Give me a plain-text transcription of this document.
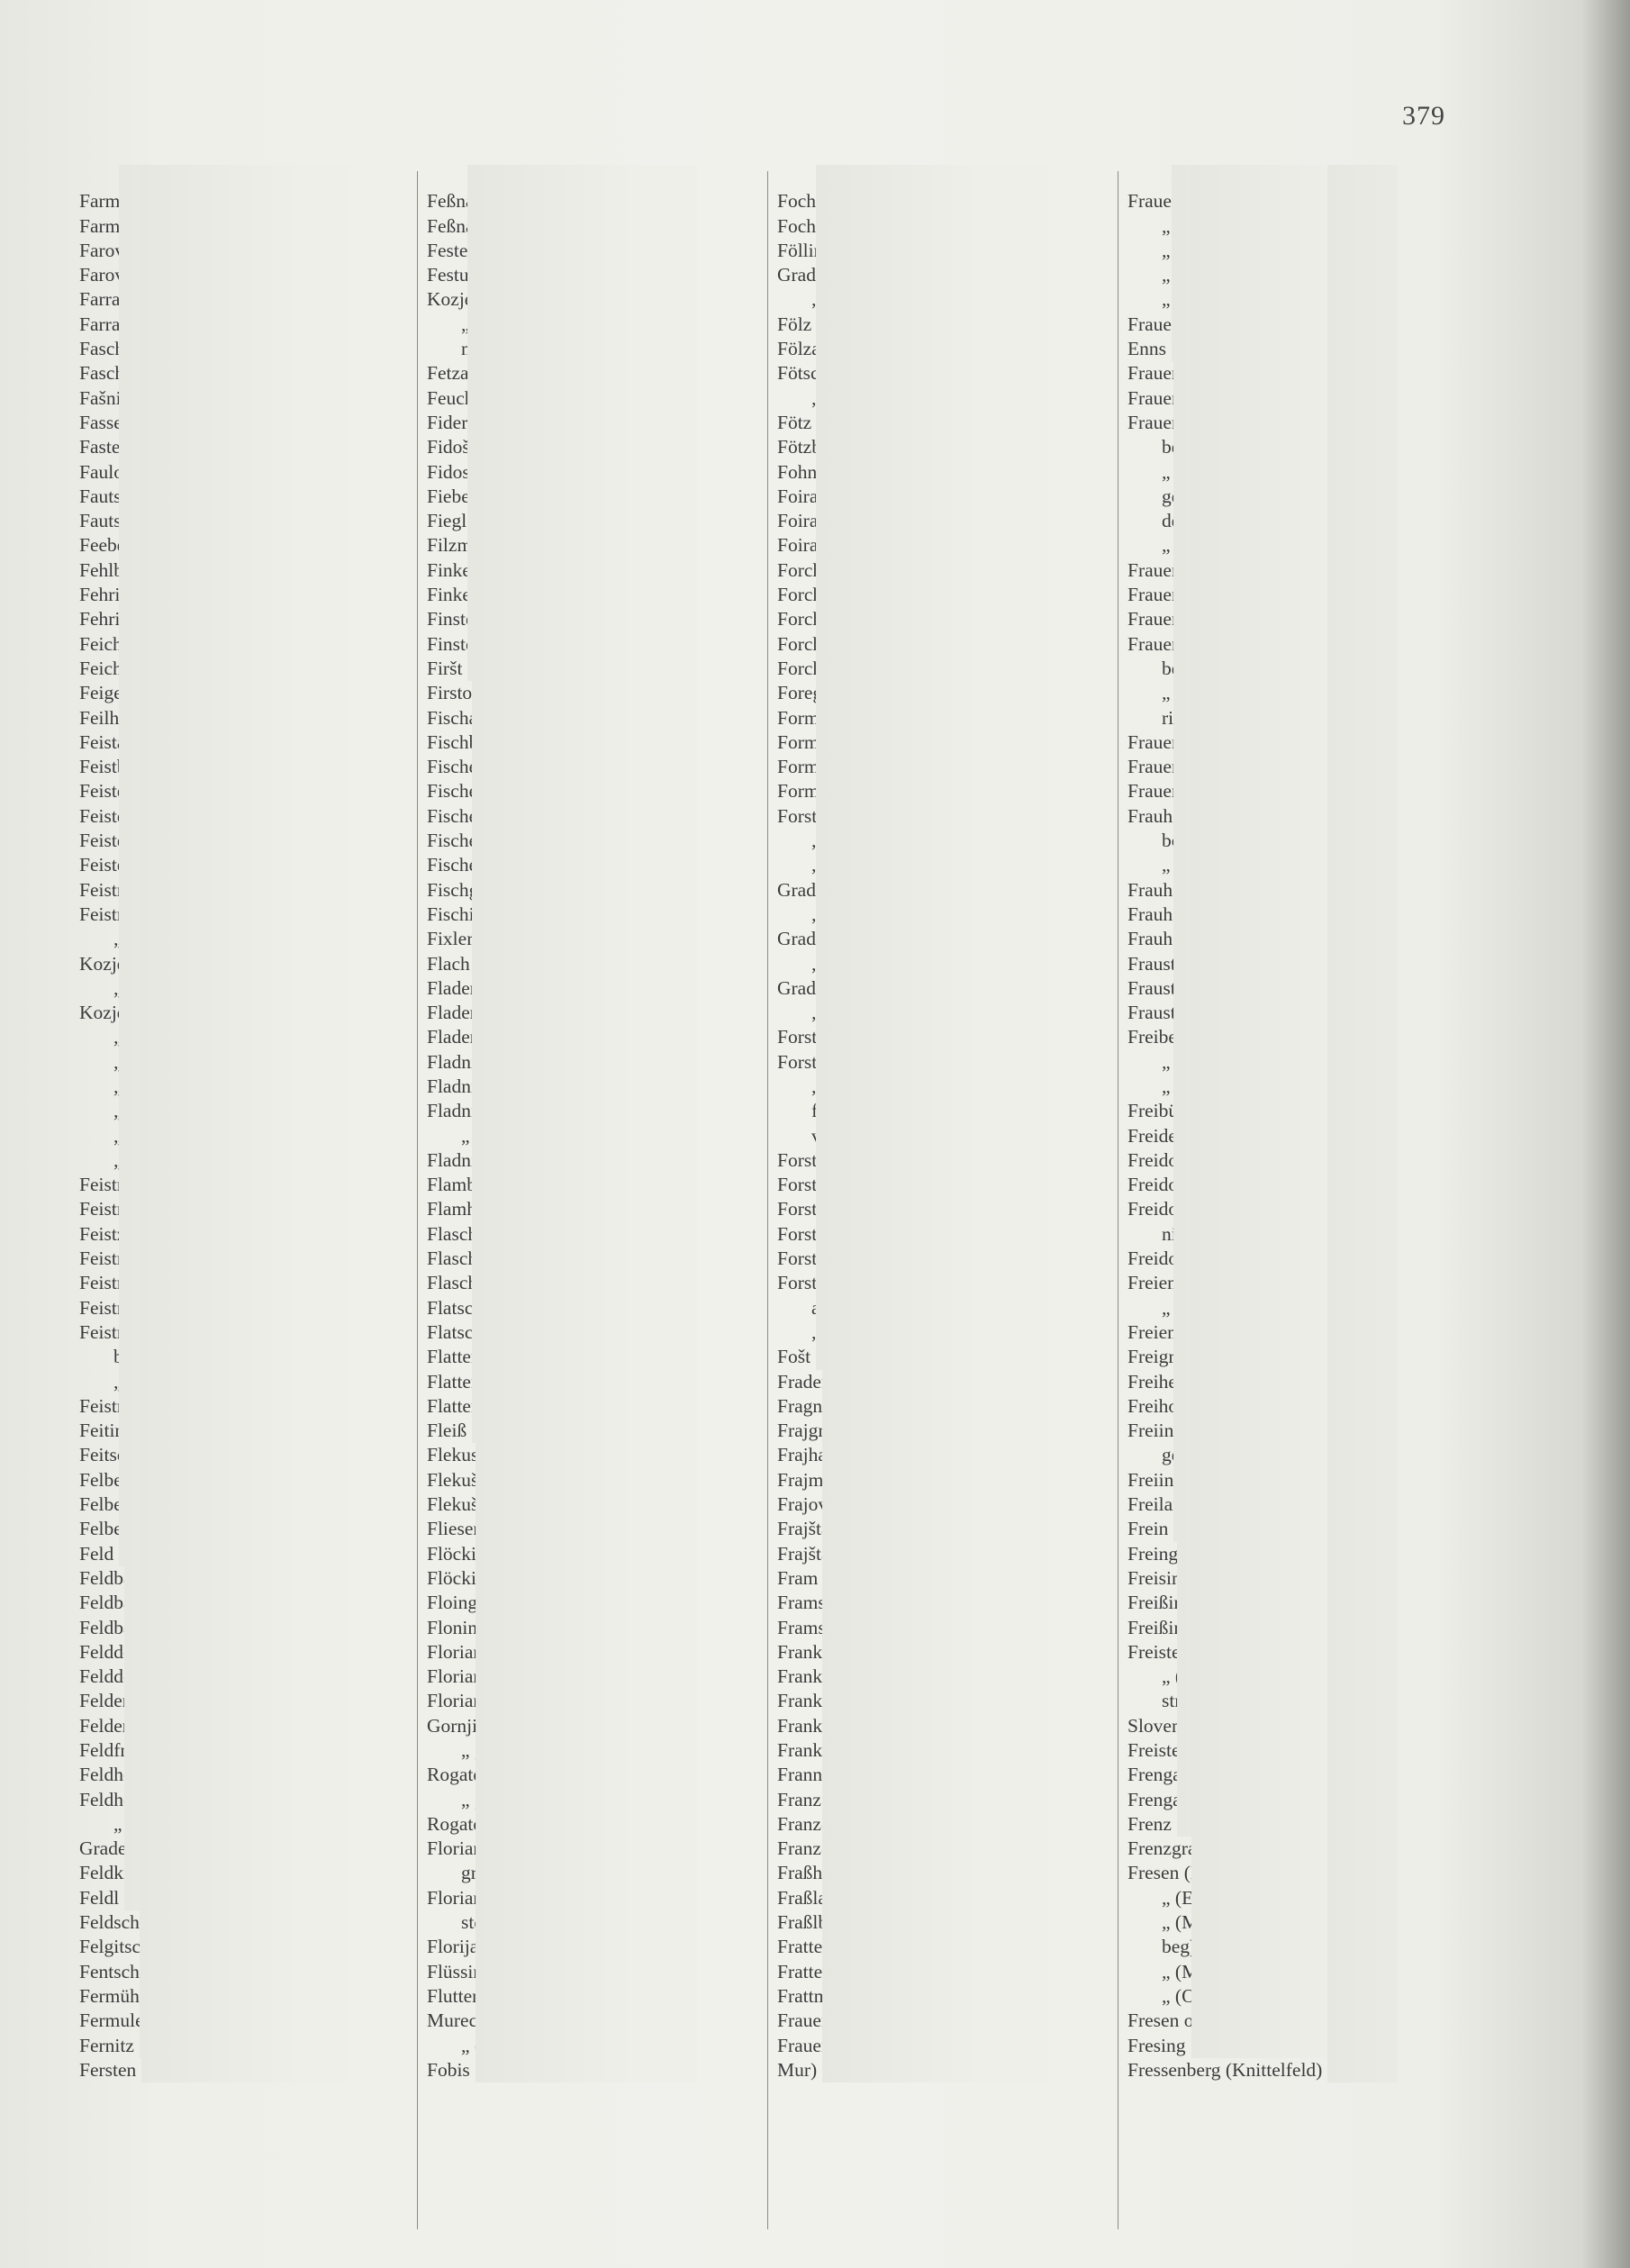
379
Farmi
Farovci
Farovec
Farrach
Farrach
Faschnig
Fašnik
Faulofen
Fautsch
Feeberg
Fehlberg
Fehring
Feichten
Feilhofen
Feista
Feistberg
Feistritz
„
Kozje)
„
Kozje)
„
„
„
„
„
„
Feistritz
Feistritz
Feistzitz
Feistritz
„
Feiting
Feitscher
Felberhöf
Felbern
Feld
Feldbach
Feldbaum
Felddorf
Felddorf
Feldern
Feldfriedl
Feldhöf
Feldhof
„
Gradec
Feldl
Feldschwarz
Felgitsch
Fentsch
Fermühl
Fermule
Fernitz
Fersten
Feßnach
Festung
Kozje)
„
Fetzaberg
Fiderški
Fidošanji
Fiegler
Filzmoos
Firšt
Firstov
Fischa
Fischbach
Fischerau
Fischeregg
Fischering
Fischern
Fisching
Fixler
Flach
Fladerberg
Fladnitz
Fladnitz
„
Flamberg
Flamhof
Flaschen
Flatschach
Flattenberg
Flattenberg
Flattendorf
Fleiß
Flekuscheg
Flekušek
Flekušni
Fliesen
Flöcking
Floing
Floning
Florian,
Florian,
Gornji
„
Rogatec)
„
Rogatec)
Florian,
Florian,
Florijanski
Flüssing
Fluttendorf
Mureck)
„
Fobis
Fochnitz
Fochnitz
Fölling
Gradec
Fölz
Fölzalpe
Fötz
Fötzberg
Foirach
Foregg
Formegg
Formin
Formin
Formin
Forst
Gradec
Gradec
Gradec
Forstberg
Forsthof
Forstried
Fošt
Fradenberg
Fragner
Frajgraba
Frajham
Frajmešno
Frajovšak
Frajštanj
Fram
Framski
Framsko
Frankofzen
Frankovci
Frannach
Franz
Fraßhof
Fraßlau
Fraßlberg
Frattendorf
Frauenberg
Mur)
„
„
„
„
Enns
Frauenburg
Frauendorf
Frauenegg
„
„
Frauenfeld
Frauenhof
„
Frauenkogl
Frauenthal
Frauenthal
Frauheim
„
Frauhofen
Freiberg
„
„
Freibüchl
Freideg
Freidorf
Freidorf
Freidorf
Freidorf
Freienberg
„
Freienstein
Freigraben
Freiheim
Freihof
Freiland
Frein
Freingraben
Freistein
„
Slovenska)
Frenga
Frenga
Frenz
Frenzgraben
Fresen
„
„
beg)
„
„
Fresen
Fresing
Fressenberg (Knittelfeld)
